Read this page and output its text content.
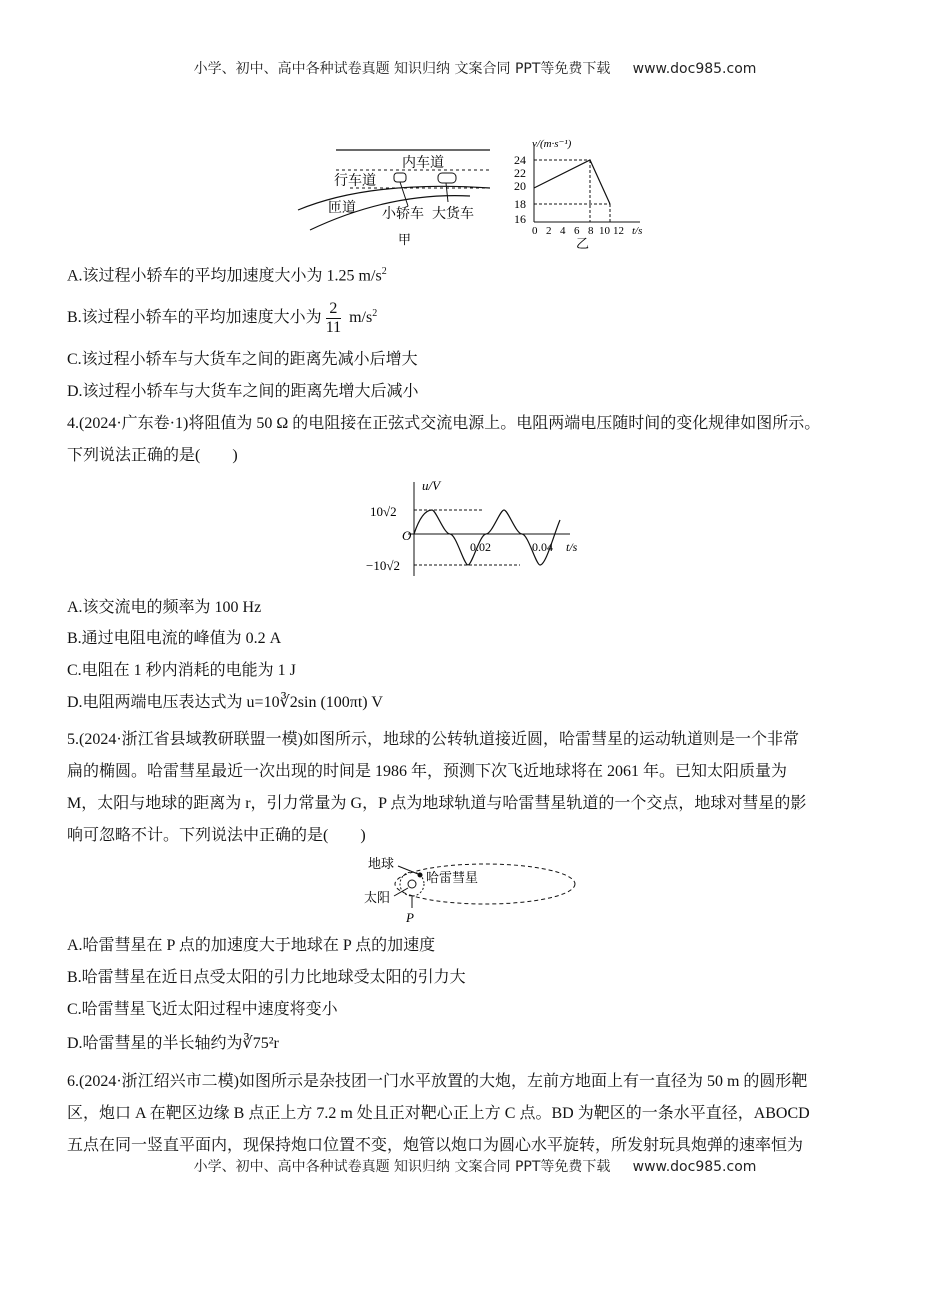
小学、初中、高中各种试卷真题 知识归纳 文案合同 PPT等免费下载 www.doc985.com
内车道
行车道
匝道 小轿车 大货车
甲
v/(m·s⁻¹)
24
22
20
18
16
0 2 4 6 8 10 12 t/s
乙
A.该过程小轿车的平均加速度大小为 1.25 $m/s^2$
B.该过程小轿车的平均加速度大小为 $\frac{2}{11} m/s^2$
C.该过程小轿车与大货车之间的距离先减小后增大
D.该过程小轿车与大货车之间的距离先增大后减小
4.(2024·广东卷·1)将阻值为 50 Ω 的电阻接在正弦式交流电源上。电阻两端电压随时间的变化规律如图所示。
下列说法正确的是(　　)
u/V
10√2
−10√2
O
0.02	0.04 t/s
A.该交流电的频率为 100 Hz
B.通过电阻电流的峰值为 0.2 A
C.电阻在 1 秒内消耗的电能为 1 J
D.电阻两端电压表达式为 u=10∛2sin (100πt) V
5.(2024·浙江省县域教研联盟一模)如图所示，地球的公转轨道接近圆，哈雷彗星的运动轨道则是一个非常
扁的椭圆。哈雷彗星最近一次出现的时间是 1986 年，预测下次飞近地球将在 2061 年。已知太阳质量为
M，太阳与地球的距离为 r，引力常量为 G，P 点为地球轨道与哈雷彗星轨道的一个交点，地球对彗星的影
响可忽略不计。下列说法中正确的是(　　)
地球
哈雷彗星
太阳
P
A.哈雷彗星在 P 点的加速度大于地球在 P 点的加速度
B.哈雷彗星在近日点受太阳的引力比地球受太阳的引力大
C.哈雷彗星飞近太阳过程中速度将变小
D.哈雷彗星的半长轴约为∛75²r
6.(2024·浙江绍兴市二模)如图所示是杂技团一门水平放置的大炮，左前方地面上有一直径为 50 m 的圆形靶
区，炮口 A 在靶区边缘 B 点正上方 7.2 m 处且正对靶心正上方 C 点。BD 为靶区的一条水平直径，ABOCD
五点在同一竖直平面内，现保持炮口位置不变，炮管以炮口为圆心水平旋转，所发射玩具炮弹的速率恒为
小学、初中、高中各种试卷真题 知识归纳 文案合同 PPT等免费下载 www.doc985.com
